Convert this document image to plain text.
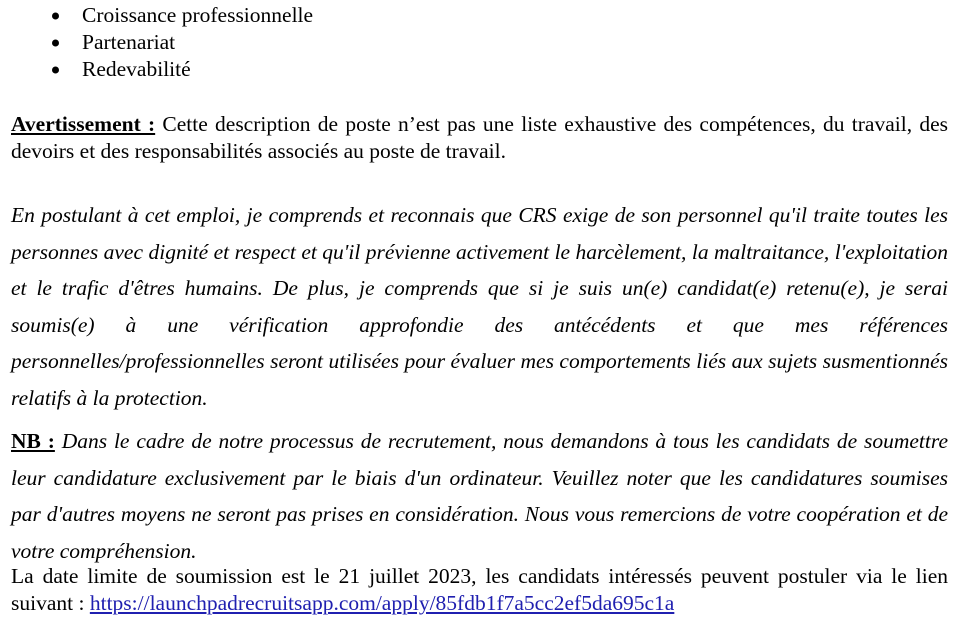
Croissance professionnelle
Partenariat
Redevabilité

Avertissement : Cette description de poste n’est pas une liste exhaustive des compétences, du travail, des devoirs et des responsabilités associés au poste de travail.

En postulant à cet emploi, je comprends et reconnais que CRS exige de son personnel qu'il traite toutes les personnes avec dignité et respect et qu'il prévienne activement le harcèlement, la maltraitance, l'exploitation et le trafic d'êtres humains. De plus, je comprends que si je suis un(e) candidat(e) retenu(e), je serai soumis(e) à une vérification approfondie des antécédents et que mes références personnelles/professionnelles seront utilisées pour évaluer mes comportements liés aux sujets susmentionnés relatifs à la protection.

NB : Dans le cadre de notre processus de recrutement, nous demandons à tous les candidats de soumettre leur candidature exclusivement par le biais d'un ordinateur. Veuillez noter que les candidatures soumises par d'autres moyens ne seront pas prises en considération. Nous vous remercions de votre coopération et de votre compréhension.

La date limite de soumission est le 21 juillet 2023, les candidats intéressés peuvent postuler via le lien suivant : https://launchpadrecruitsapp.com/apply/85fdb1f7a5cc2ef5da695c1a
